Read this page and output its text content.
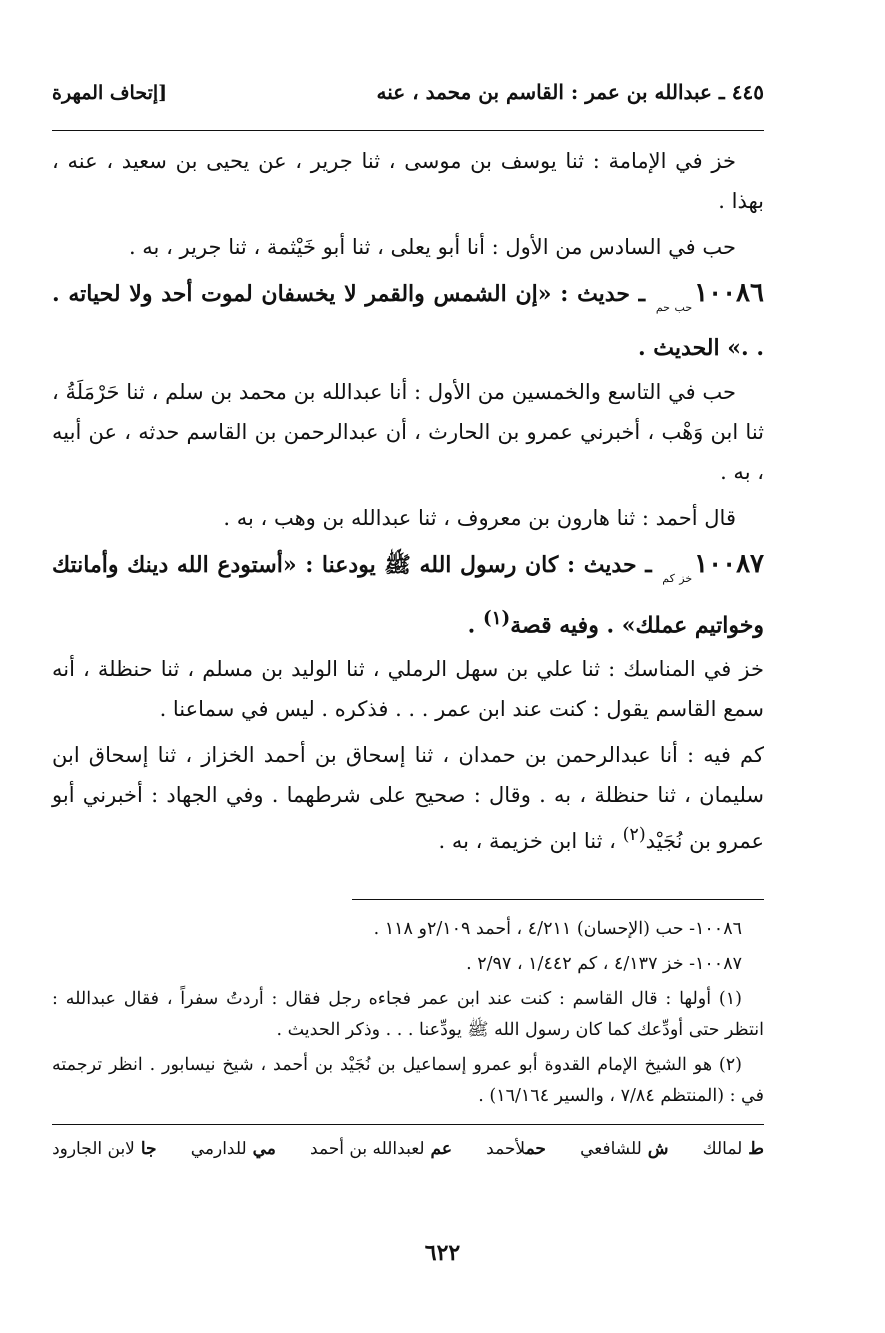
٤٤٥ ـ عبدالله بن عمر : القاسم بن محمد ، عنه
[إتحاف المهرة

خز في الإمامة : ثنا يوسف بن موسى ، ثنا جرير ، عن يحيى بن سعيد ، عنه ، بهذا .

حب في السادس من الأول : أنا أبو يعلى ، ثنا أبو خَيْثمة ، ثنا جرير ، به .

$١٠٠٨٦_{حب حم}$ ـ حديث : «إن الشمس والقمر لا يخسفان لموت أحد ولا لحياته . . .» الحديث .

حب في التاسع والخمسين من الأول : أنا عبدالله بن محمد بن سلم ، ثنا حَرْمَلَةُ ، ثنا ابن وَهْب ، أخبرني عمرو بن الحارث ، أن عبدالرحمن بن القاسم حدثه ، عن أبيه ، به .

قال أحمد : ثنا هارون بن معروف ، ثنا عبدالله بن وهب ، به .

$١٠٠٨٧_{خز كم}$ ـ حديث : كان رسول الله ﷺ يودعنا : «أستودع الله دينك وأمانتك وخواتيم عملك» . وفيه قصة$^{(١)}$ .

خز في المناسك : ثنا علي بن سهل الرملي ، ثنا الوليد بن مسلم ، ثنا حنظلة ، أنه سمع القاسم يقول : كنت عند ابن عمر . . . فذكره . ليس في سماعنا .

كم فيه : أنا عبدالرحمن بن حمدان ، ثنا إسحاق بن أحمد الخزاز ، ثنا إسحاق ابن سليمان ، ثنا حنظلة ، به . وقال : صحيح على شرطهما . وفي الجهاد : أخبرني أبو عمرو بن نُجَيْد$^{(٢)}$ ، ثنا ابن خزيمة ، به .

١٠٠٨٦- حب (الإحسان) ٤/٢١١ ، أحمد ٢/١٠٩و ١١٨ .

١٠٠٨٧- خز ٤/١٣٧ ، كم ١/٤٤٢ ، ٢/٩٧ .

(١) أولها : قال القاسم : كنت عند ابن عمر فجاءه رجل فقال : أردتُ سفراً ، فقال عبدالله : انتظر حتى أودِّعك كما كان رسول الله ﷺ يودِّعنا . . . وذكر الحديث .

(٢) هو الشيخ الإمام القدوة أبو عمرو إسماعيل بن نُجَيْد بن أحمد ، شيخ نيسابور . انظر ترجمته في : (المنتظم ٧/٨٤ ، والسير ١٦/١٦٤) .

ط لمالك
ش للشافعي
حملأحمد
عم لعبدالله بن أحمد
مي للدارمي
جا لابن الجارود
٦٢٢
